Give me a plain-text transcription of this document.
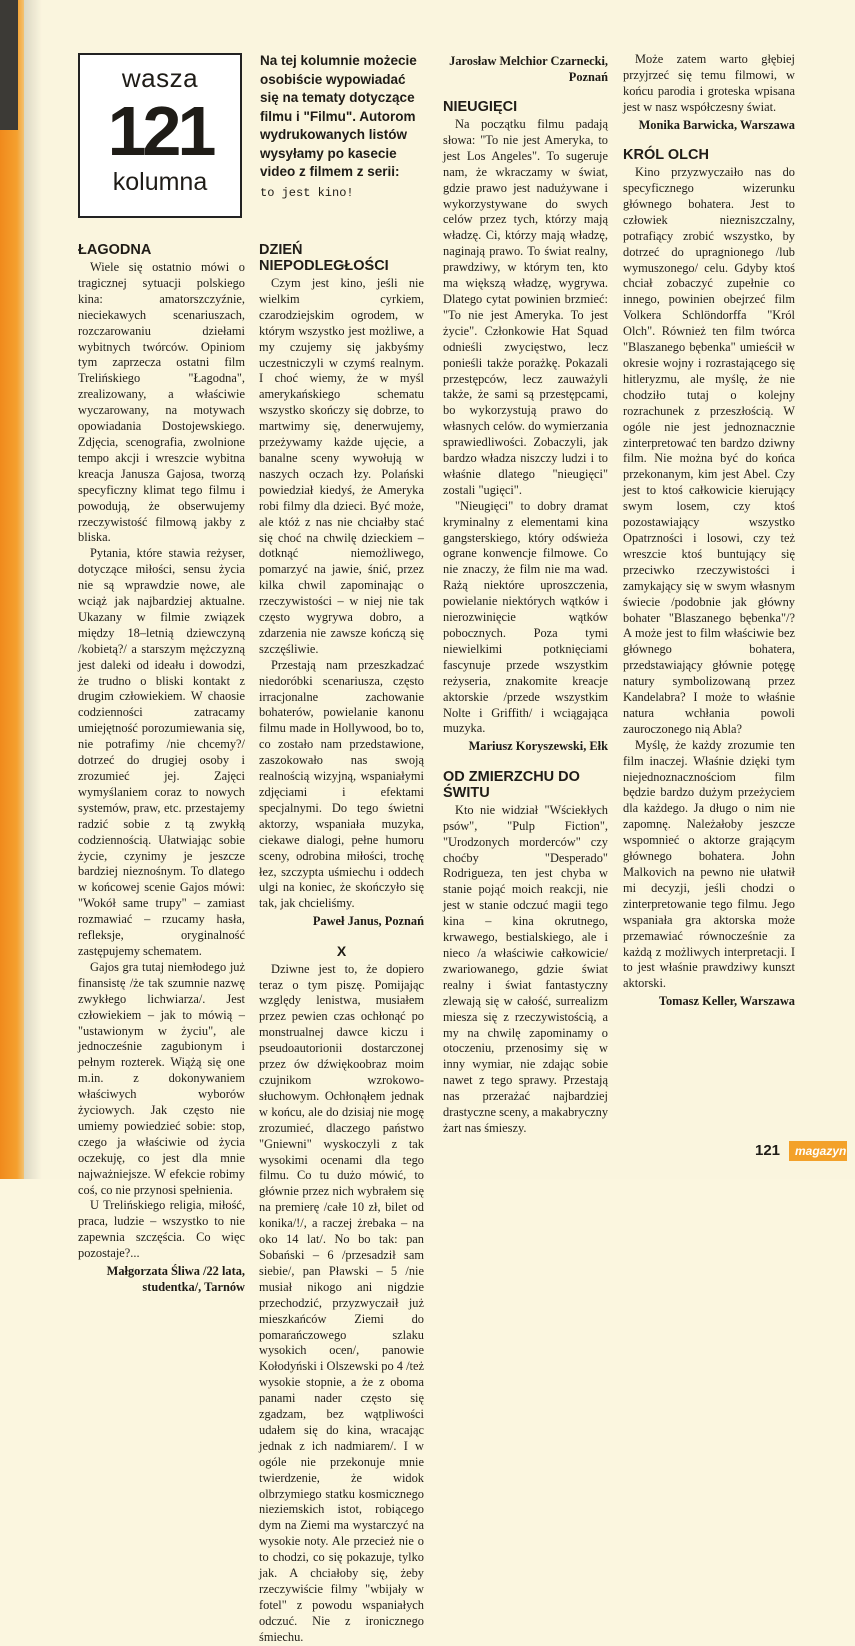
wasza
121
kolumna
Na tej kolumnie możecie osobiście wypowiadać się na tematy dotyczące filmu i "Filmu". Autorom wydrukowanych listów wysyłamy po kasecie video z filmem z serii:
to jest kino!
ŁAGODNA

Wiele się ostatnio mówi o tragicznej sytuacji polskiego kina: amatorszczyźnie, nieciekawych scenariuszach, rozczarowaniu dziełami wybitnych twórców. Opiniom tym zaprzecza ostatni film Trelińskiego "Łagodna", zrealizowany, a właściwie wyczarowany, na motywach opowiadania Dostojewskiego. Zdjęcia, scenografia, zwolnione tempo akcji i wreszcie wybitna kreacja Janusza Gajosa, tworzą specyficzny klimat tego filmu i powodują, że obserwujemy rzeczywistość filmową jakby z bliska.

Pytania, które stawia reżyser, dotyczące miłości, sensu życia nie są wprawdzie nowe, ale wciąż jak najbardziej aktualne. Ukazany w filmie związek między 18–letnią dziewczyną /kobietą?/ a starszym mężczyzną jest daleki od ideału i dowodzi, że trudno o bliski kontakt z drugim człowiekiem. W chaosie codzienności zatracamy umiejętność porozumiewania się, nie potrafimy /nie chcemy?/ dotrzeć do drugiej osoby i zrozumieć jej. Zajęci wymyślaniem coraz to nowych systemów, praw, etc. przestajemy radzić sobie z tą zwykłą codziennością. Ułatwiając sobie życie, czynimy je jeszcze bardziej nieznośnym. To dlatego w końcowej scenie Gajos mówi: "Wokół same trupy" – zamiast rozmawiać – rzucamy hasła, refleksje, oryginalność zastępujemy schematem.

Gajos gra tutaj niemłodego już finansistę /że tak szumnie nazwę zwykłego lichwiarza/. Jest człowiekiem – jak to mówią – "ustawionym w życiu", ale jednocześnie zagubionym i pełnym rozterek. Wiążą się one m.in. z dokonywaniem właściwych wyborów życiowych. Jak często nie umiemy powiedzieć sobie: stop, czego ja właściwie od życia oczekuję, co jest dla mnie najważniejsze. W efekcie robimy coś, co nie przynosi spełnienia.

U Trelińskiego religia, miłość, praca, ludzie – wszystko to nie zapewnia szczęścia. Co więc pozostaje?...

Małgorzata Śliwa /22 lata, studentka/, Tarnów
DZIEŃ NIEPODLEGŁOŚCI

Czym jest kino, jeśli nie wielkim cyrkiem, czarodziejskim ogrodem, w którym wszystko jest możliwe, a my czujemy się jakbyśmy uczestniczyli w czymś realnym. I choć wiemy, że w myśl amerykańskiego schematu wszystko skończy się dobrze, to martwimy się, denerwujemy, przeżywamy każde ujęcie, a banalne sceny wywołują w naszych oczach łzy. Polański powiedział kiedyś, że Ameryka robi filmy dla dzieci. Być może, ale któż z nas nie chciałby stać się choć na chwilę dzieckiem – dotknąć niemożliwego, pomarzyć na jawie, śnić, przez kilka chwil zapominając o rzeczywistości – w niej nie tak często wygrywa dobro, a zdarzenia nie zawsze kończą się szczęśliwie.

Przestają nam przeszkadzać niedoróbki scenariusza, często irracjonalne zachowanie bohaterów, powielanie kanonu filmu made in Hollywood, bo to, co zostało nam przedstawione, zaszokowało nas swoją realnością wizyjną, wspaniałymi zdjęciami i efektami specjalnymi. Do tego świetni aktorzy, wspaniała muzyka, ciekawe dialogi, pełne humoru sceny, odrobina miłości, trochę łez, szczypta uśmiechu i oddech ulgi na koniec, że skończyło się tak, jak chcieliśmy.

Paweł Janus, Poznań
X

Dziwne jest to, że dopiero teraz o tym piszę. Pomijając względy lenistwa, musiałem przez pewien czas ochłonąć po monstrualnej dawce kiczu i pseudoautorionii dostarczonej przez ów dźwiękoobraz moim czujnikom wzrokowo-słuchowym. Ochłonąłem jednak w końcu, ale do dzisiaj nie mogę zrozumieć, dlaczego państwo "Gniewni" wyskoczyli z tak wysokimi ocenami dla tego filmu. Co tu dużo mówić, to głównie przez nich wybrałem się na premierę /całe 10 zł, bilet od konika/!/, a raczej żrebaka – na oko 14 lat/. No bo tak: pan Sobański – 6 /przesadził sam siebie/, pan Pławski – 5 /nie musiał nikogo ani nigdzie przechodzić, przyzwyczaił już mieszkańców Ziemi do pomarańczowego szlaku wysokich ocen/, panowie Kołodyński i Olszewski po 4 /też wysokie stopnie, a że z oboma panami nader często się zgadzam, bez wątpliwości udałem się do kina, wracając jednak z ich nadmiarem/. I w ogóle nie przekonuje mnie twierdzenie, że widok olbrzymiego statku kosmicznego nieziemskich istot, robiącego dym na Ziemi ma wystarczyć na wysokie noty. Ale przecież nie o to chodzi, co się pokazuje, tylko jak. A chciałoby się, żeby rzeczywiście filmy "wbijały w fotel" z powodu wspaniałych odczuć. Nie z ironicznego śmiechu.

Jarosław Melchior Czarnecki, Poznań
NIEUGIĘCI

Na początku filmu padają słowa: "To nie jest Ameryka, to jest Los Angeles". To sugeruje nam, że wkraczamy w świat, gdzie prawo jest nadużywane i wykorzystywane do swych celów przez tych, którzy mają władzę. Ci, którzy mają władzę, naginają prawo. To świat realny, prawdziwy, w którym ten, kto ma większą władzę, wygrywa. Dlatego cytat powinien brzmieć: "To nie jest Ameryka. To jest życie". Członkowie Hat Squad odnieśli zwycięstwo, lecz ponieśli także porażkę. Pokazali przestępców, lecz zauważyli także, że sami są przestępcami, bo wykorzystują prawo do własnych celów. do wymierzania sprawiedliwości. Zobaczyli, jak bardzo władza niszczy ludzi i to właśnie dlatego "nieugięci" zostali "ugięci".

"Nieugięci" to dobry dramat kryminalny z elementami kina gangsterskiego, który odświeża ograne konwencje filmowe. Co nie znaczy, że film nie ma wad. Rażą niektóre uproszczenia, powielanie niektórych wątków i nierozwinięcie wątków pobocznych. Poza tymi niewielkimi potknięciami fascynuje przede wszystkim reżyseria, znakomite kreacje aktorskie /przede wszystkim Nolte i Griffith/ i wciągająca muzyka.

Mariusz Koryszewski, Ełk
OD ZMIERZCHU DO ŚWITU

Kto nie widział "Wściekłych psów", "Pulp Fiction", "Urodzonych morderców" czy choćby "Desperado" Rodrigueza, ten jest chyba w stanie pojąć moich reakcji, nie jest w stanie odczuć magii tego kina – kina okrutnego, krwawego, bestialskiego, ale i nieco /a właściwie całkowicie/ zwariowanego, gdzie świat realny i świat fantastyczny zlewają się w całość, surrealizm miesza się z rzeczywistością, a my na chwilę zapominamy o otoczeniu, przenosimy się w inny wymiar, nie zdając sobie nawet z tego sprawy. Przestają nas przerażać najbardziej drastyczne sceny, a makabryczny żart nas śmieszy.

Może zatem warto głębiej przyjrzeć się temu filmowi, w końcu parodia i groteska wpisana jest w nasz współczesny świat.

Monika Barwicka, Warszawa
KRÓL OLCH

Kino przyzwyczaiło nas do specyficznego wizerunku głównego bohatera. Jest to człowiek niezniszczalny, potrafiący zrobić wszystko, by dotrzeć do upragnionego /lub wymuszonego/ celu. Gdyby ktoś chciał zobaczyć zupełnie co innego, powinien obejrzeć film Volkera Schlöndorffa "Król Olch". Również ten film twórca "Blaszanego bębenka" umieścił w okresie wojny i rozrastającego się hitleryzmu, ale myślę, że nie chodziło tutaj o kolejny rozrachunek z przeszłością. W ogóle nie jest jednoznacznie zinterpretować ten bardzo dziwny film. Nie można być do końca przekonanym, kim jest Abel. Czy jest to ktoś całkowicie kierujący swym losem, czy ktoś pozostawiający wszystko Opatrzności i losowi, czy też wreszcie ktoś buntujący się przeciwko rzeczywistości i zamykający się w swym własnym świecie /podobnie jak główny bohater "Blaszanego bębenka"/? A może jest to film właściwie bez głównego bohatera, przedstawiający głównie potęgę natury symbolizowaną przez Kandelabra? I może to właśnie natura wchłania powoli zauroczonego nią Abla?

Myślę, że każdy zrozumie ten film inaczej. Właśnie dzięki tym niejednoznacznościom film będzie bardzo dużym przeżyciem dla każdego. Ja długo o nim nie zapomnę. Należałoby jeszcze wspomnieć o aktorze grającym głównego bohatera. John Malkovich na pewno nie ułatwił mi decyzji, jeśli chodzi o zinterpretowanie tego filmu. Jego wspaniała gra aktorska może przemawiać równocześnie za każdą z możliwych interpretacji. I to jest właśnie prawdziwy kunszt aktorski.

Tomasz Keller, Warszawa
121	magazyn
